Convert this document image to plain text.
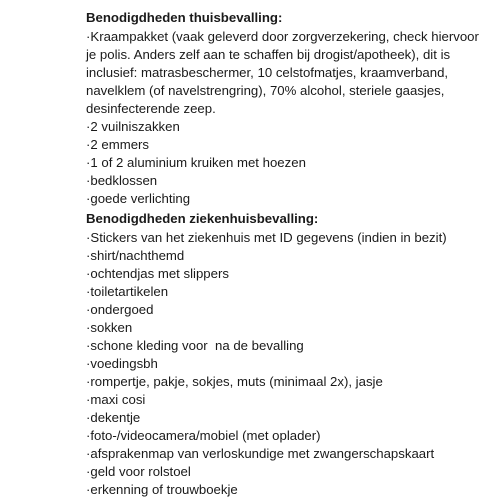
Benodigdheden thuisbevalling:

·Kraampakket (vaak geleverd door zorgverzekering, check hiervoor je polis. Anders zelf aan te schaffen bij drogist/apotheek), dit is inclusief: matrasbeschermer, 10 celstofmatjes, kraamverband, navelklem (of navelstrengring), 70% alcohol, steriele gaasjes, desinfecterende zeep.

·2 vuilniszakken
·2 emmers
·1 of 2 aluminium kruiken met hoezen
·bedklossen
·goede verlichting
Benodigdheden ziekenhuisbevalling:
·Stickers van het ziekenhuis met ID gegevens (indien in bezit)
·shirt/nachthemd
·ochtendjas met slippers
·toiletartikelen
·ondergoed
·sokken
·schone kleding voor  na de bevalling
·voedingsbh
·rompertje, pakje, sokjes, muts (minimaal 2x), jasje
·maxi cosi
·dekentje
·foto-/videocamera/mobiel (met oplader)
·afsprakenmap van verloskundige met zwangerschapskaart
·geld voor rolstoel
·erkenning of trouwboekje
